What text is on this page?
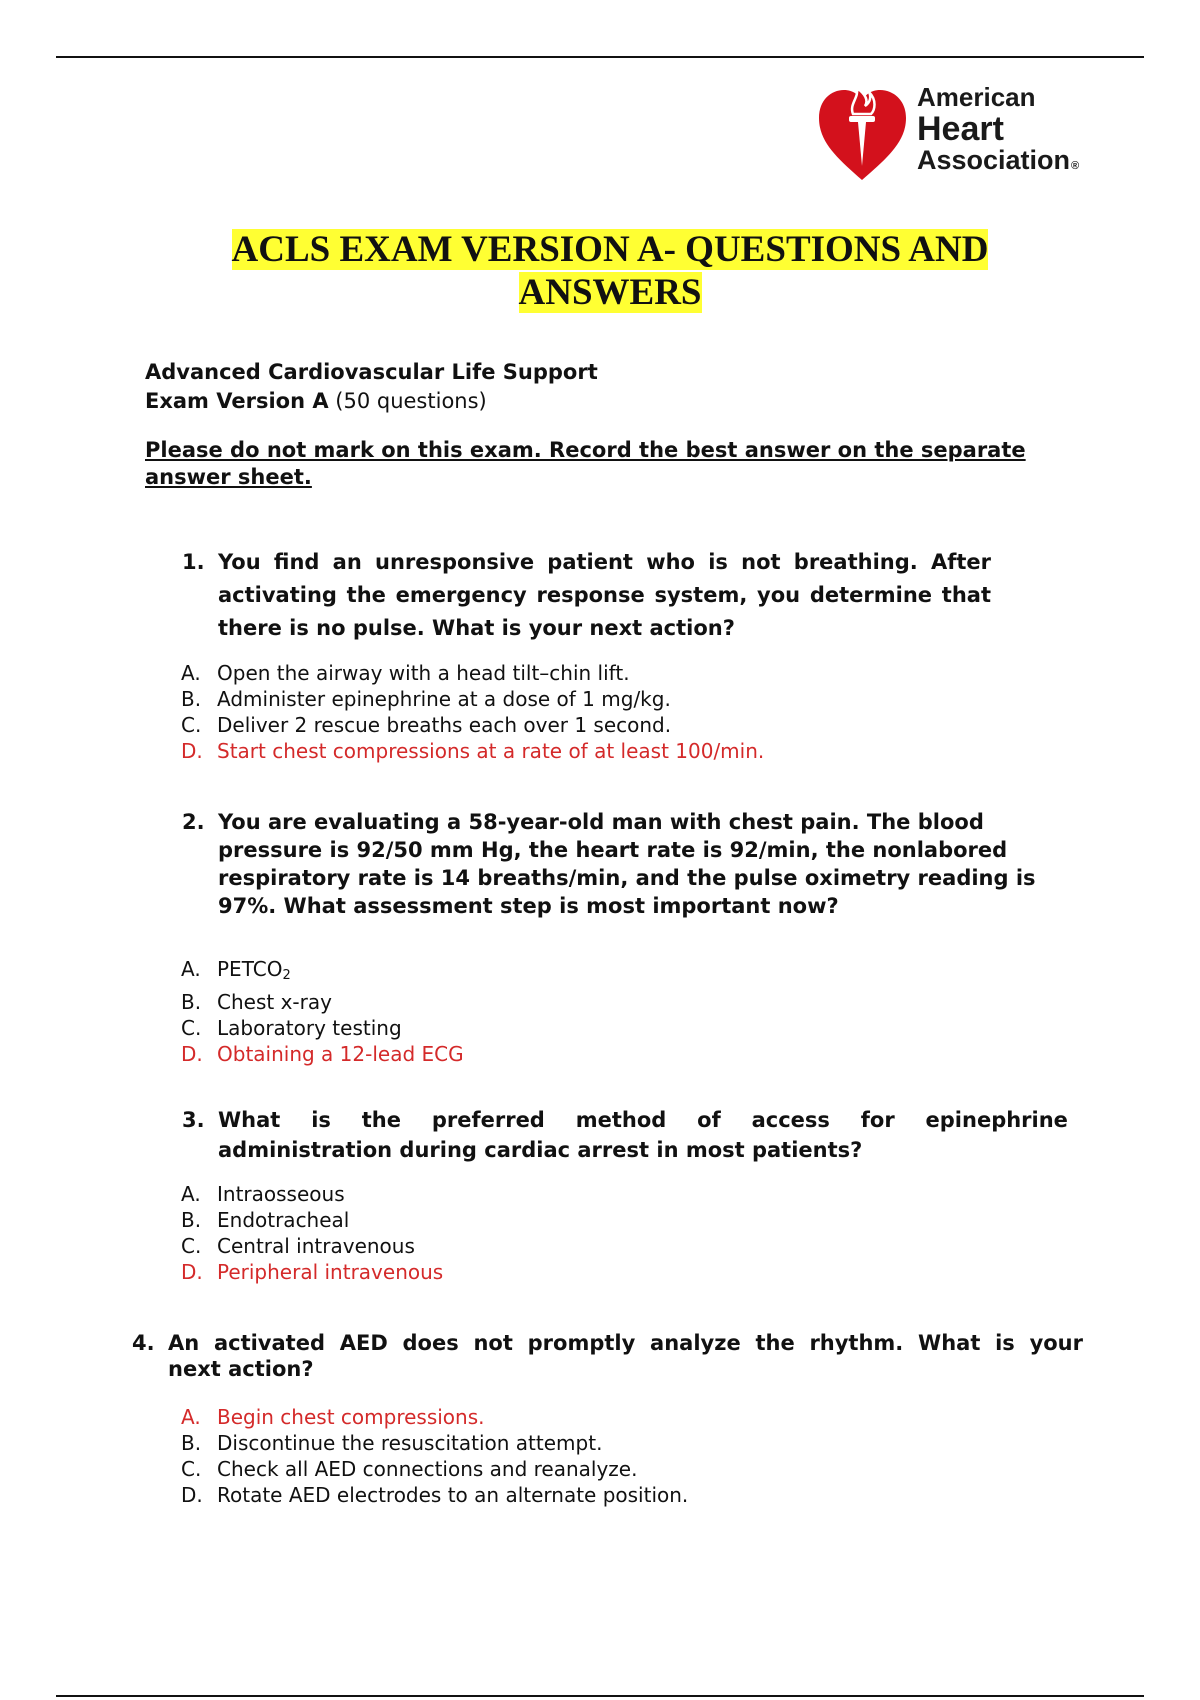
American
Heart
Association®
ACLS EXAM VERSION A- QUESTIONS AND
ANSWERS
Advanced Cardiovascular Life Support
Exam Version A (50 questions)
Please do not mark on this exam. Record the best answer on the separate answer sheet.
1. You find an unresponsive patient who is not breathing. After activating the emergency response system, you determine that there is no pulse. What is your next action?
A. Open the airway with a head tilt–chin lift.
B. Administer epinephrine at a dose of 1 mg/kg.
C. Deliver 2 rescue breaths each over 1 second.
D. Start chest compressions at a rate of at least 100/min.
2. You are evaluating a 58-year-old man with chest pain. The blood pressure is 92/50 mm Hg, the heart rate is 92/min, the nonlabored respiratory rate is 14 breaths/min, and the pulse oximetry reading is 97%. What assessment step is most important now?
A. PETCO2
B. Chest x-ray
C. Laboratory testing
D. Obtaining a 12-lead ECG
3. What is the preferred method of access for epinephrine
administration during cardiac arrest in most patients?
A. Intraosseous
B. Endotracheal
C. Central intravenous
D. Peripheral intravenous
4. An activated AED does not promptly analyze the rhythm. What is your
next action?
A. Begin chest compressions.
B. Discontinue the resuscitation attempt.
C. Check all AED connections and reanalyze.
D. Rotate AED electrodes to an alternate position.
